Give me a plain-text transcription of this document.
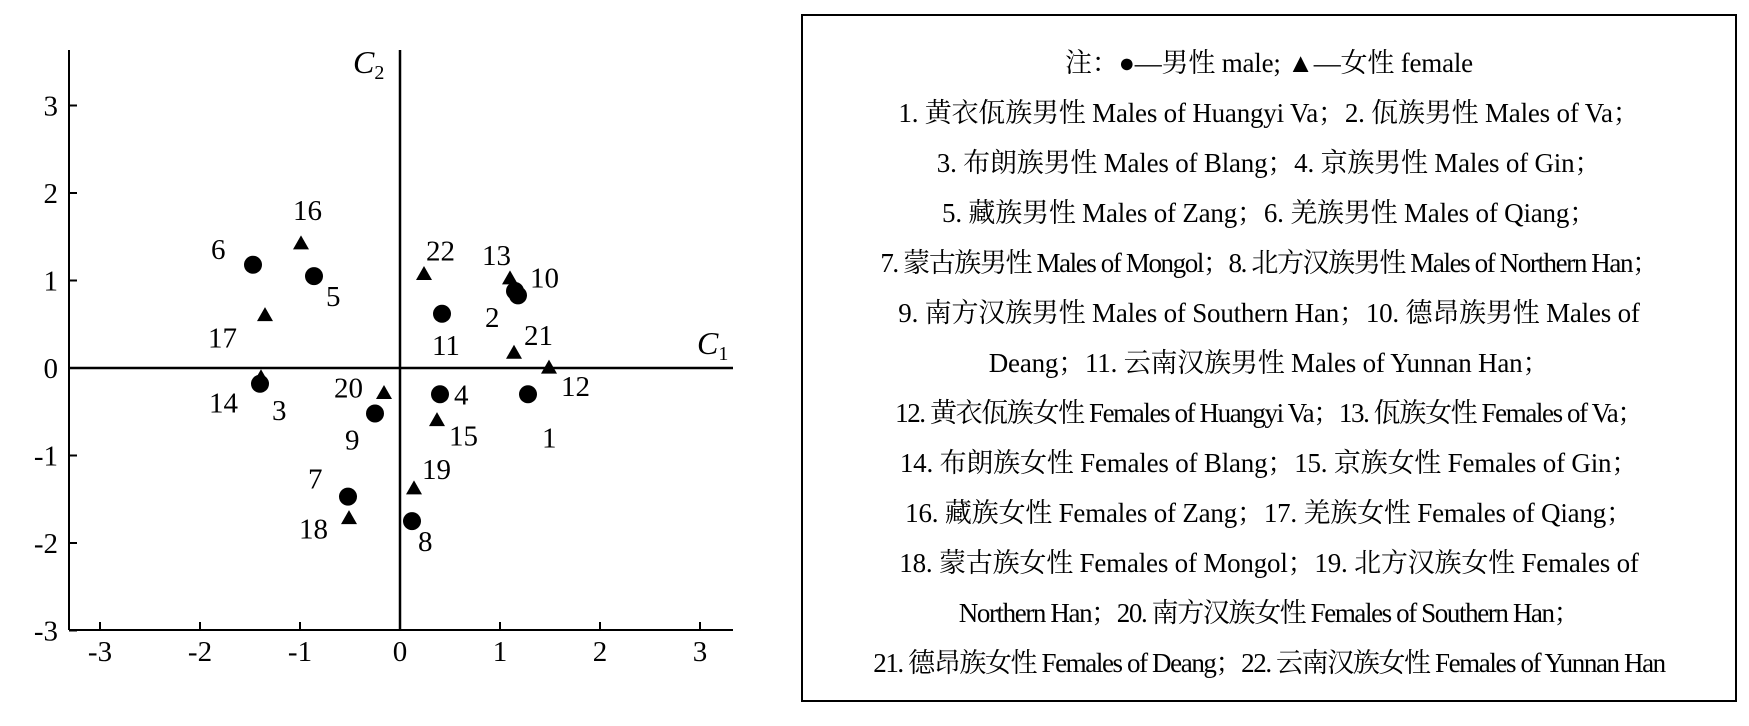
3
2
1
0
-1
-2
-3
-3	-2	-1	0	1	2	3
1
2
3	4
5
6
7
8
9
10
11
12
13
14
15
16
17
18
19
20
21
22
C1
C2	注：●—男性 male; ▲—女性 female
1. 黄衣佤族男性 Males of Huangyi Va；2. 佤族男性 Males of Va；
3. 布朗族男性 Males of Blang；4. 京族男性 Males of Gin；
5. 藏族男性 Males of Zang；6. 羌族男性 Males of Qiang；
7. 蒙古族男性 Males of Mongol；8. 北方汉族男性 Males of Northern Han；
9. 南方汉族男性 Males of Southern Han；10. 德昂族男性 Males of
Deang；11. 云南汉族男性 Males of Yunnan Han；
12. 黄衣佤族女性 Females of Huangyi Va；13. 佤族女性 Females of Va；
14. 布朗族女性 Females of Blang；15. 京族女性 Females of Gin；
16. 藏族女性 Females of Zang；17. 羌族女性 Females of Qiang；
18. 蒙古族女性 Females of Mongol；19. 北方汉族女性 Females of
Northern Han；20. 南方汉族女性 Females of Southern Han；
21. 德昂族女性 Females of Deang；22. 云南汉族女性 Females of Yunnan Han
